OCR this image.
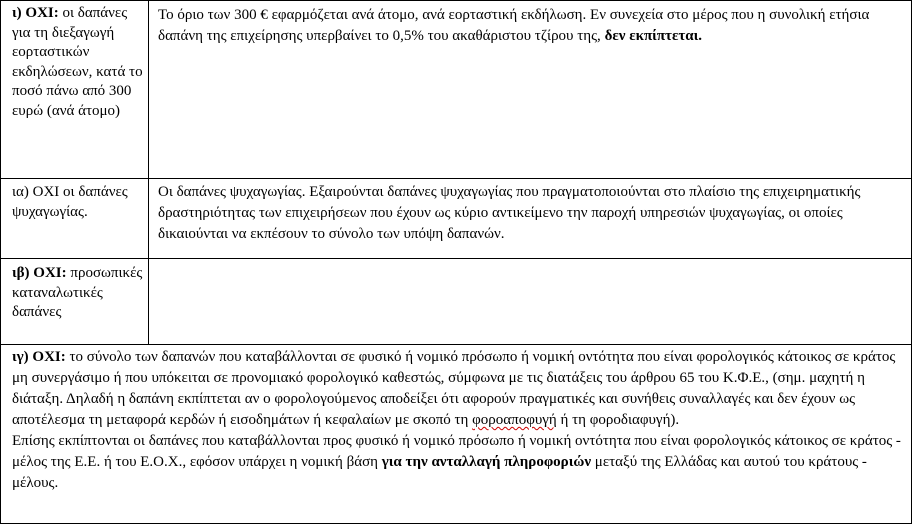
ι) ΟΧΙ: οι δαπάνες για τη διεξαγωγή εορταστικών εκδηλώσεων, κατά το ποσό πάνω από 300 ευρώ (ανά άτομο)
Το όριο των 300 € εφαρμόζεται ανά άτομο, ανά εορταστική εκδήλωση. Εν συνεχεία στο μέρος που η συνολική ετήσια δαπάνη της επιχείρησης υπερβαίνει το 0,5% του ακαθάριστου τζίρου της, δεν εκπίπτεται.
ια) ΟΧΙ οι δαπάνες ψυχαγωγίας.
Οι δαπάνες ψυχαγωγίας. Εξαιρούνται δαπάνες ψυχαγωγίας που πραγματοποιούνται στο πλαίσιο της επιχειρηματικής δραστηριότητας των επιχειρήσεων που έχουν ως κύριο αντικείμενο την παροχή υπηρεσιών ψυχαγωγίας, οι οποίες δικαιούνται να εκπέσουν το σύνολο των υπόψη δαπανών.
ιβ) ΟΧΙ: προσωπικές καταναλωτικές δαπάνες
ιγ) ΟΧΙ: το σύνολο των δαπανών που καταβάλλονται σε φυσικό ή νομικό πρόσωπο ή νομική οντότητα που είναι φορολογικός κάτοικος σε κράτος μη συνεργάσιμο ή που υπόκειται σε προνομιακό φορολογικό καθεστώς, σύμφωνα με τις διατάξεις του άρθρου 65 του Κ.Φ.Ε., (σημ. μαχητή η διάταξη. Δηλαδή η δαπάνη εκπίπτεται αν ο φορολογούμενος αποδείξει ότι αφορούν πραγματικές και συνήθεις συναλλαγές και δεν έχουν ως αποτέλεσμα τη μεταφορά κερδών ή εισοδημάτων ή κεφαλαίων με σκοπό τη φοροαποφυγή ή τη φοροδιαφυγή).
Επίσης εκπίπτονται οι δαπάνες που καταβάλλονται προς φυσικό ή νομικό πρόσωπο ή νομική οντότητα που είναι φορολογικός κάτοικος σε κράτος - μέλος της Ε.Ε. ή του Ε.Ο.Χ., εφόσον υπάρχει η νομική βάση για την ανταλλαγή πληροφοριών μεταξύ της Ελλάδας και αυτού του κράτους - μέλους.
